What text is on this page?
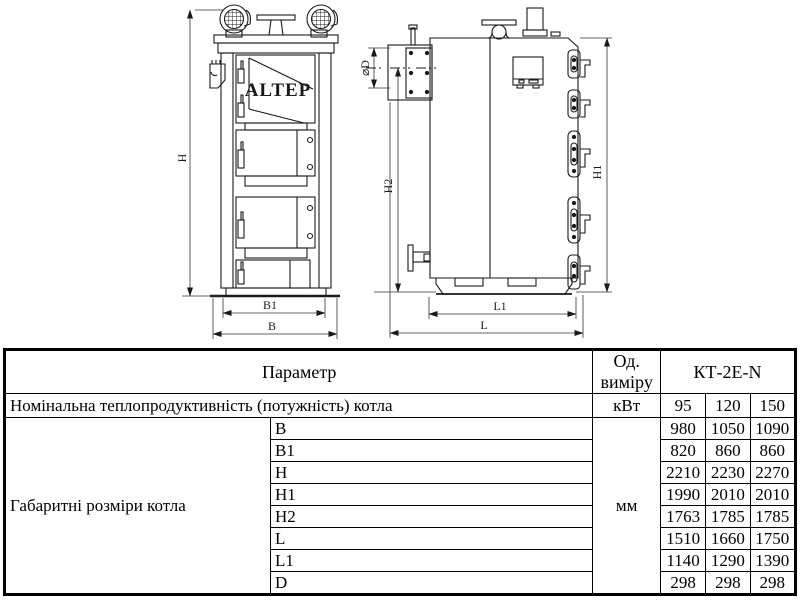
ALTEP
H
B1
B
⌀D
H2
H1
L1
L
Параметр		Од. виміру	КТ-2Е-N		
Номінальна теплопродуктивність (потужність) котла		кВт	95	120	150
Габаритні розміри котла	B	мм	980	1050	1090
	B1		820	860	860
	H		2210	2230	2270
	H1		1990	2010	2010
	H2		1763	1785	1785
	L		1510	1660	1750
	L1		1140	1290	1390
	D		298	298	298
